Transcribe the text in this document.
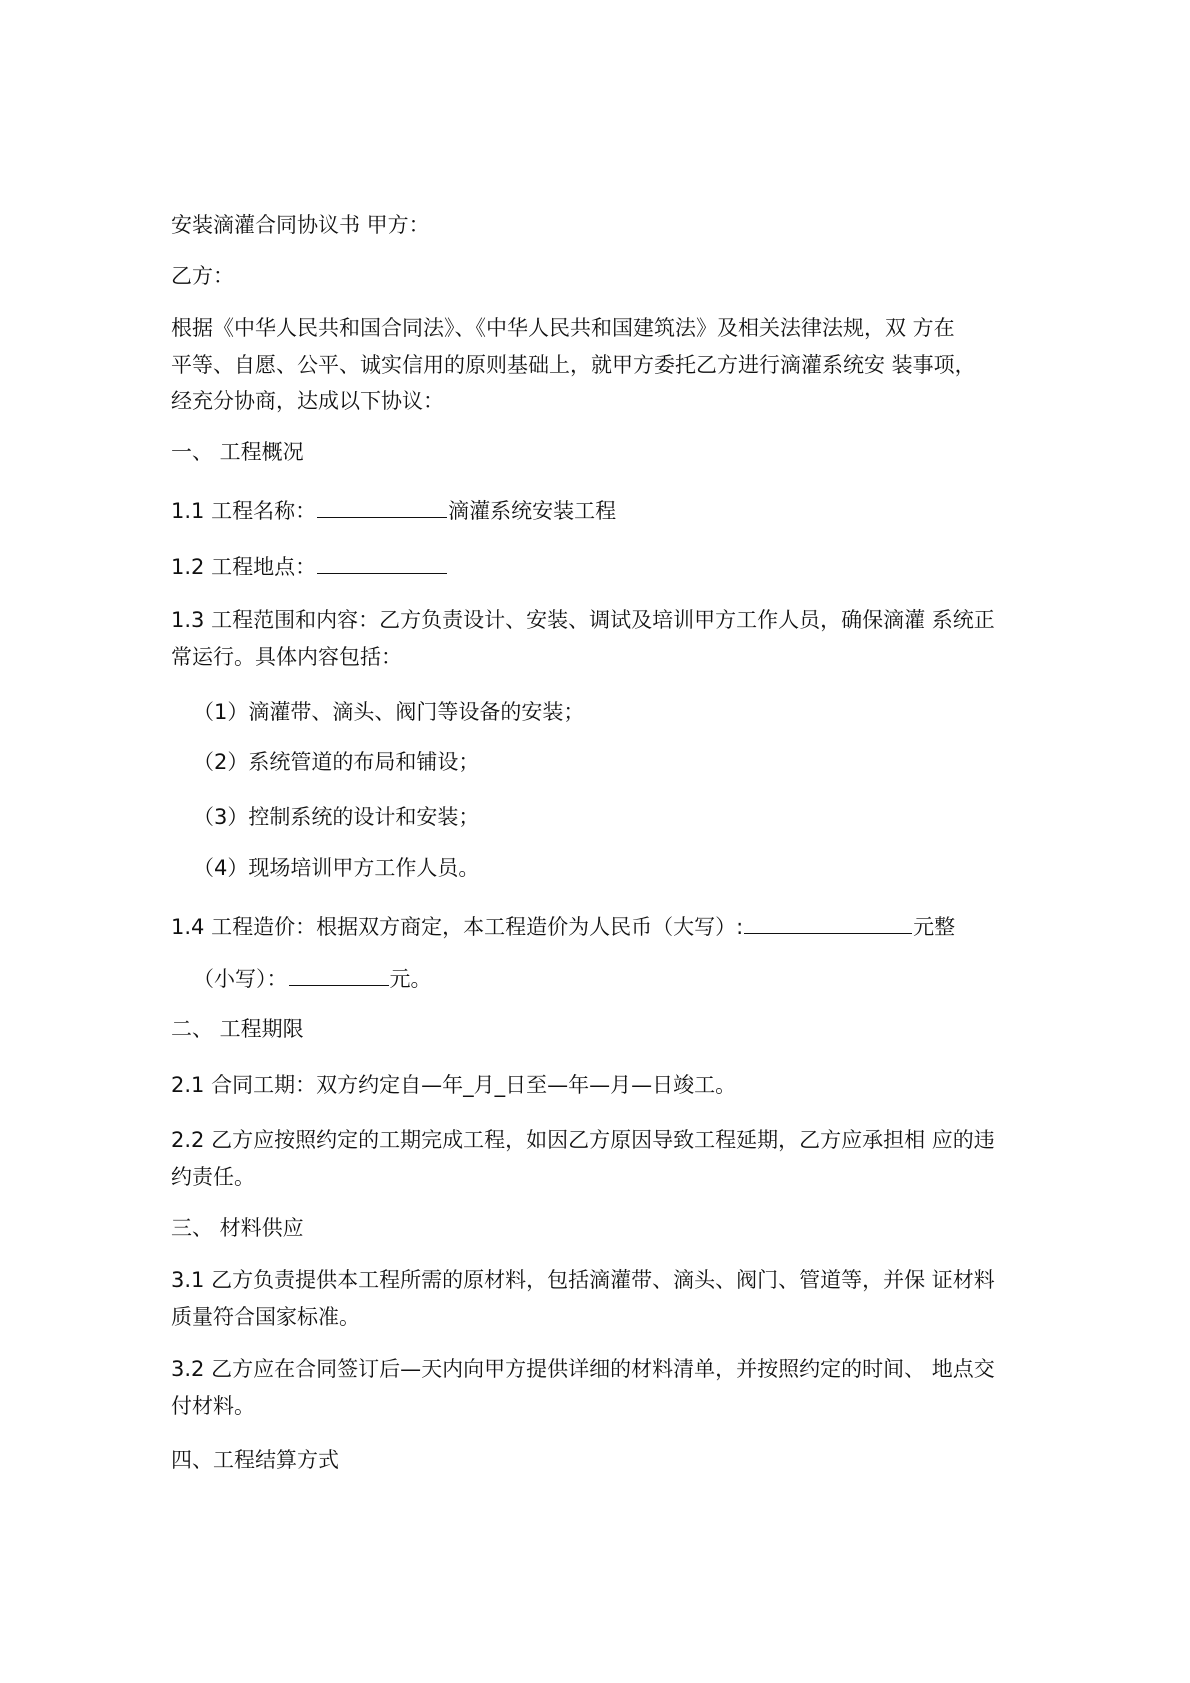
安装滴灌合同协议书 甲方：
乙方：
根据《中华人民共和国合同法》、《中华人民共和国建筑法》及相关法律法规，双 方在
平等、自愿、公平、诚实信用的原则基础上，就甲方委托乙方进行滴灌系统安 装事项，
经充分协商，达成以下协议：
一、 工程概况
1.1 工程名称：	滴灌系统安装工程
1.2 工程地点：
1.3 工程范围和内容：乙方负责设计、安装、调试及培训甲方工作人员，确保滴灌 系统正
常运行。具体内容包括：
（1）滴灌带、滴头、阀门等设备的安装；
（2）系统管道的布局和铺设；
（3）控制系统的设计和安装；
（4）现场培训甲方工作人员。
1.4 工程造价：根据双方商定，本工程造价为人民币（大写）:	元整
（小写）：	元。
二、 工程期限
2.1 合同工期：双方约定自—年_月_日至—年—月—日竣工。
2.2 乙方应按照约定的工期完成工程，如因乙方原因导致工程延期，乙方应承担相 应的违
约责任。
三、 材料供应
3.1 乙方负责提供本工程所需的原材料，包括滴灌带、滴头、阀门、管道等，并保 证材料
质量符合国家标准。
3.2 乙方应在合同签订后—天内向甲方提供详细的材料清单，并按照约定的时间、 地点交
付材料。
四、工程结算方式
